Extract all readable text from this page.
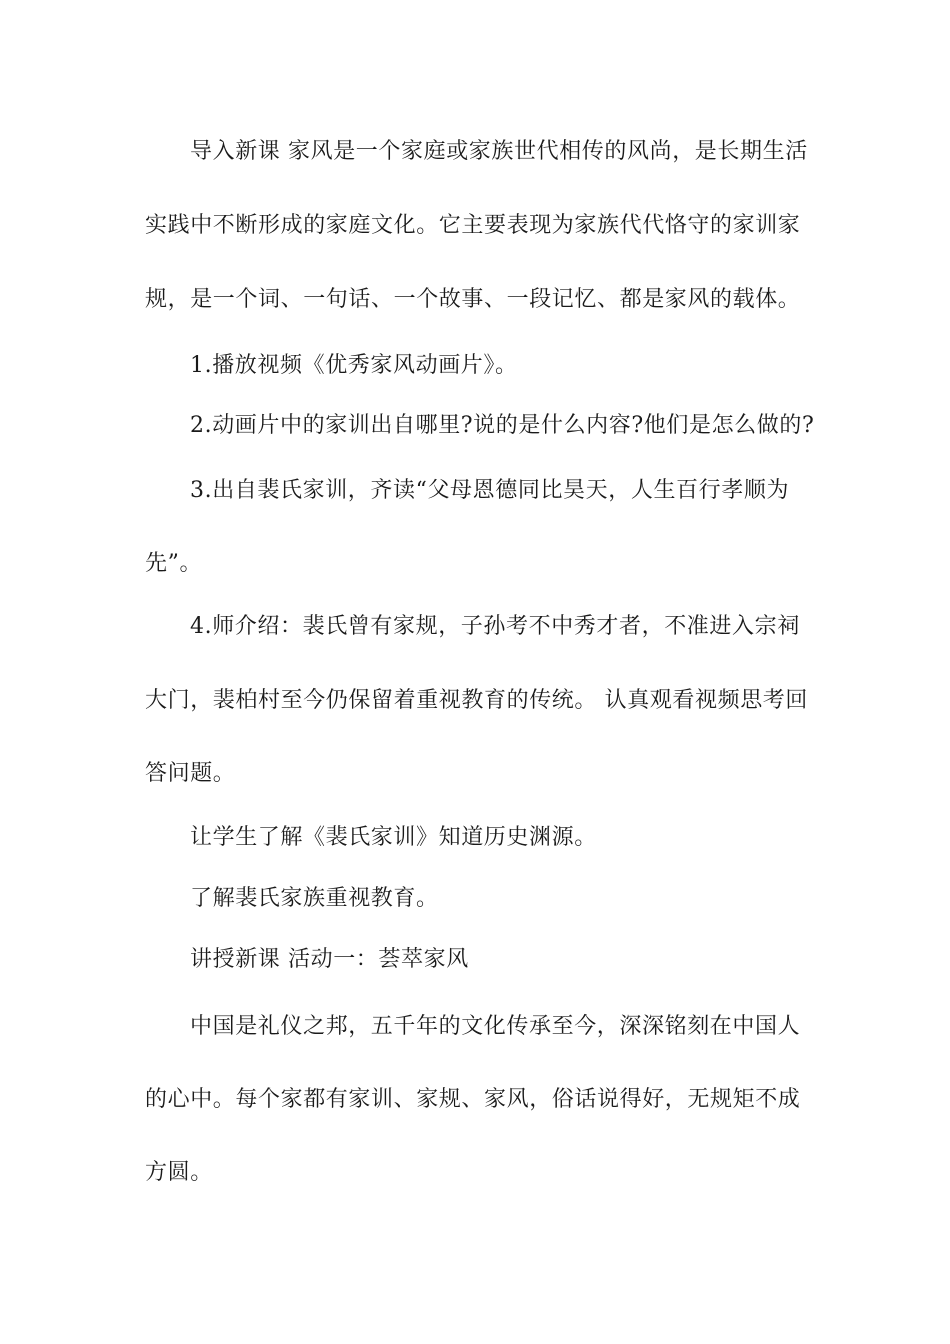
导入新课 家风是一个家庭或家族世代相传的风尚，是长期生活
实践中不断形成的家庭文化。它主要表现为家族代代恪守的家训家
规，是一个词、一句话、一个故事、一段记忆、都是家风的载体。
1.播放视频《优秀家风动画片》。
2.动画片中的家训出自哪里?说的是什么内容?他们是怎么做的?
3.出自裴氏家训，齐读“父母恩德同比昊天，人生百行孝顺为
先”。
4.师介绍：裴氏曾有家规，子孙考不中秀才者，不准进入宗祠
大门，裴柏村至今仍保留着重视教育的传统。 认真观看视频思考回
答问题。
让学生了解《裴氏家训》知道历史渊源。
了解裴氏家族重视教育。
讲授新课 活动一：荟萃家风
中国是礼仪之邦，五千年的文化传承至今，深深铭刻在中国人
的心中。每个家都有家训、家规、家风，俗话说得好，无规矩不成
方圆。
